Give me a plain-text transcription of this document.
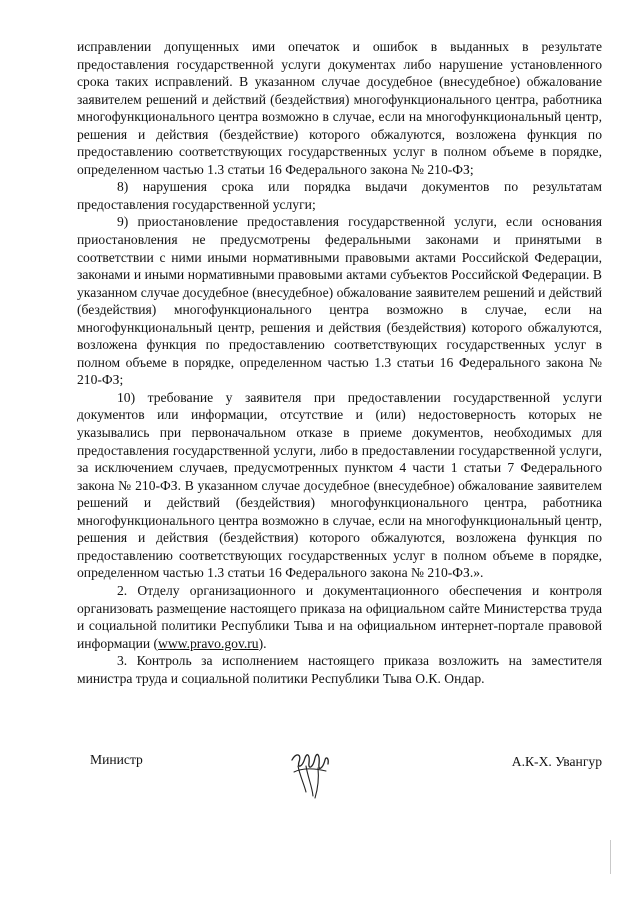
исправлении допущенных ими опечаток и ошибок в выданных в результате предоставления государственной услуги документах либо нарушение установленного срока таких исправлений. В указанном случае досудебное (внесудебное) обжалование заявителем решений и действий (бездействия) многофункционального центра, работника многофункционального центра возможно в случае, если на многофункциональный центр, решения и действия (бездействие) которого обжалуются, возложена функция по предоставлению соответствующих государственных услуг в полном объеме в порядке, определенном частью 1.3 статьи 16 Федерального закона № 210-ФЗ;

8) нарушения срока или порядка выдачи документов по результатам предоставления государственной услуги;

9) приостановление предоставления государственной услуги, если основания приостановления не предусмотрены федеральными законами и принятыми в соответствии с ними иными нормативными правовыми актами Российской Федерации, законами и иными нормативными правовыми актами субъектов Российской Федерации. В указанном случае досудебное (внесудебное) обжалование заявителем решений и действий (бездействия) многофункционального центра возможно в случае, если на многофункциональный центр, решения и действия (бездействия) которого обжалуются, возложена функция по предоставлению соответствующих государственных услуг в полном объеме в порядке, определенном частью 1.3 статьи 16 Федерального закона № 210-ФЗ;

10) требование у заявителя при предоставлении государственной услуги документов или информации, отсутствие и (или) недостоверность которых не указывались при первоначальном отказе в приеме документов, необходимых для предоставления государственной услуги, либо в предоставлении государственной услуги, за исключением случаев, предусмотренных пунктом 4 части 1 статьи 7 Федерального закона № 210-ФЗ. В указанном случае досудебное (внесудебное) обжалование заявителем решений и действий (бездействия) многофункционального центра, работника многофункционального центра возможно в случае, если на многофункциональный центр, решения и действия (бездействия) которого обжалуются, возложена функция по предоставлению соответствующих государственных услуг в полном объеме в порядке, определенном частью 1.3 статьи 16 Федерального закона № 210-ФЗ.».

2. Отделу организационного и документационного обеспечения и контроля организовать размещение настоящего приказа на официальном сайте Министерства труда и социальной политики Республики Тыва и на официальном интернет-портале правовой информации (www.pravo.gov.ru).

3. Контроль за исполнением настоящего приказа возложить на заместителя министра труда и социальной политики Республики Тыва О.К. Ондар.

Министр	А.К-Х. Увангур
